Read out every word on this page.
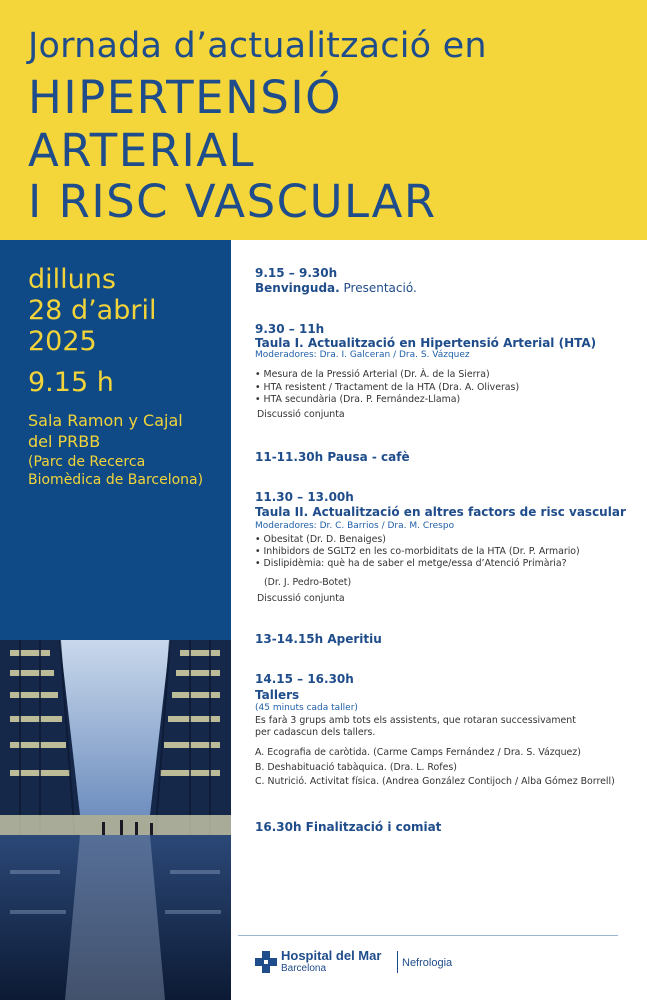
Jornada d’actualització en
HIPERTENSIÓ
ARTERIAL
I RISC VASCULAR
dilluns
28 d’abril
2025
9.15 h
Sala Ramon y Cajal
del PRBB
(Parc de Recerca
Biomèdica de Barcelona)
9.15 – 9.30h
Benvinguda. Presentació.
9.30 – 11h
Taula I. Actualització en Hipertensió Arterial (HTA)
Moderadores: Dra. I. Galceran / Dra. S. Vázquez
• Mesura de la Pressió Arterial (Dr. À. de la Sierra)
• HTA resistent / Tractament de la HTA (Dra. A. Oliveras)
• HTA secundària (Dra. P. Fernández-Llama)
Discussió conjunta
11-11.30h Pausa - cafè
11.30 – 13.00h
Taula II. Actualització en altres factors de risc vascular
Moderadores: Dr. C. Barrios / Dra. M. Crespo
• Obesitat (Dr. D. Benaiges)
• Inhibidors de SGLT2 en les co-morbiditats de la HTA (Dr. P. Armario)
• Dislipidèmia: què ha de saber el metge/essa d’Atenció Primària?
(Dr. J. Pedro-Botet)
Discussió conjunta
13-14.15h Aperitiu
14.15 – 16.30h
Tallers
(45 minuts cada taller)
Es farà 3 grups amb tots els assistents, que rotaran successivament
per cadascun dels tallers.
A. Ecografia de caròtida. (Carme Camps Fernández / Dra. S. Vázquez)
B. Deshabituació tabàquica. (Dra. L. Rofes)
C. Nutrició. Activitat física. (Andrea González Contijoch / Alba Gómez Borrell)
16.30h Finalització i comiat
Hospital del Mar
Barcelona	Nefrologia
